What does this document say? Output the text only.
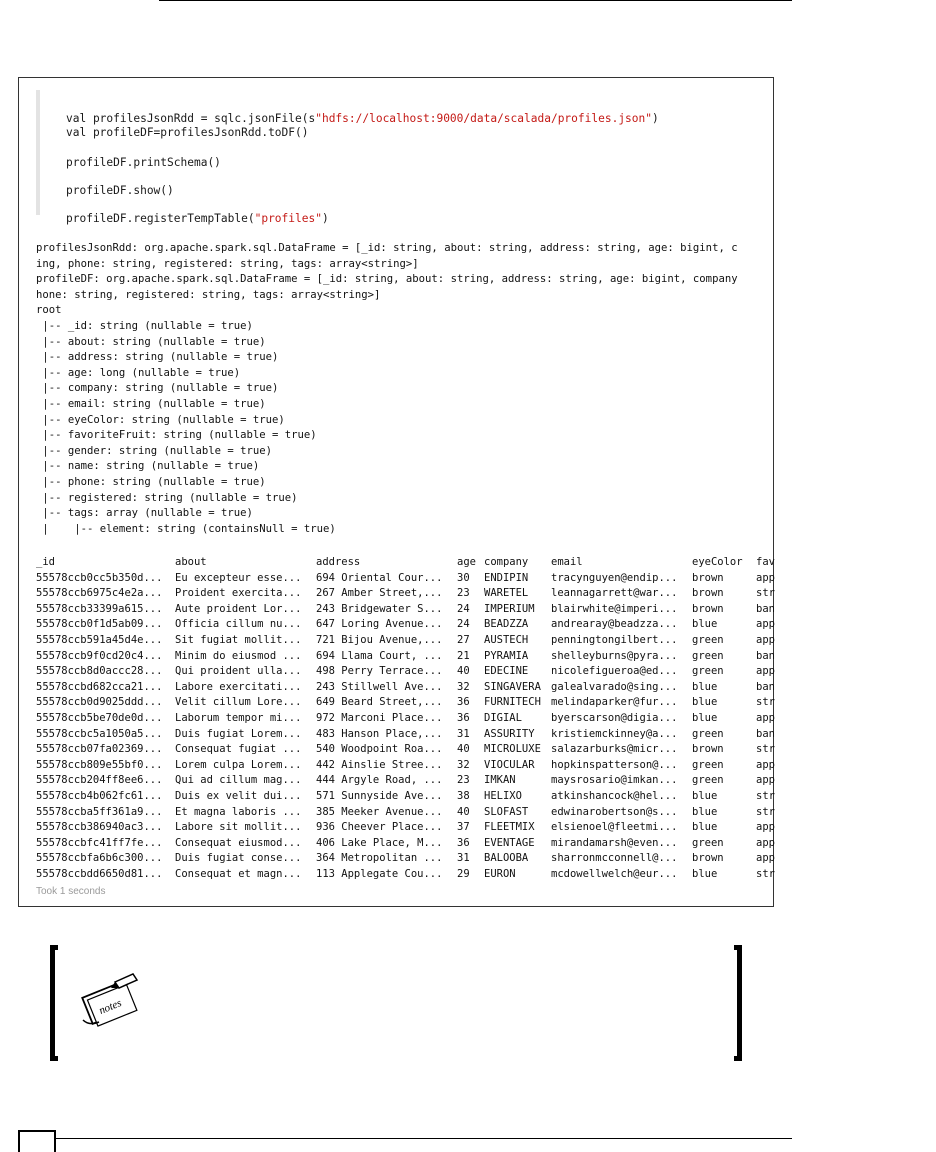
val profilesJsonRdd = sqlc.jsonFile(s"hdfs://localhost:9000/data/scalada/profiles.json")
val profileDF=profilesJsonRdd.toDF()
profileDF.printSchema()
profileDF.show()
profileDF.registerTempTable("profiles")
profilesJsonRdd: org.apache.spark.sql.DataFrame = [_id: string, about: string, address: string, age: bigint, c
ing, phone: string, registered: string, tags: array<string>]
profileDF: org.apache.spark.sql.DataFrame = [_id: string, about: string, address: string, age: bigint, company
hone: string, registered: string, tags: array<string>]
root
|-- _id: string (nullable = true)
|-- about: string (nullable = true)
|-- address: string (nullable = true)
|-- age: long (nullable = true)
|-- company: string (nullable = true)
|-- email: string (nullable = true)
|-- eyeColor: string (nullable = true)
|-- favoriteFruit: string (nullable = true)
|-- gender: string (nullable = true)
|-- name: string (nullable = true)
|-- phone: string (nullable = true)
|-- registered: string (nullable = true)
|-- tags: array (nullable = true)
|    |-- element: string (containsNull = true)
_id	about	address	age company email	eyeColor fav
55578ccb0cc5b350d... Eu excepteur esse... 694 Oriental Cour... 30 ENDIPIN tracynguyen@endip... brown	app
55578ccb6975c4e2a... Proident exercita... 267 Amber Street,... 23 WARETEL leannagarrett@war... brown	str
55578ccb33399a615... Aute proident Lor... 243 Bridgewater S... 24 IMPERIUM blairwhite@imperi... brown	ban
55578ccb0f1d5ab09... Officia cillum nu... 647 Loring Avenue... 24 BEADZZA andrearay@beadzza... blue	app
55578ccb591a45d4e... Sit fugiat mollit... 721 Bijou Avenue,... 27 AUSTECH penningtongilbert... green	app
55578ccb9f0cd20c4... Minim do eiusmod ... 694 Llama Court, ... 21 PYRAMIA shelleyburns@pyra... green	ban
55578ccb8d0accc28... Qui proident ulla... 498 Perry Terrace... 40 EDECINE nicolefigueroa@ed... green	app
55578ccbd682cca21... Labore exercitati... 243 Stillwell Ave... 32 SINGAVERA galealvarado@sing... blue	ban
55578ccb0d9025ddd... Velit cillum Lore... 649 Beard Street,... 36 FURNITECH melindaparker@fur... blue	str
55578ccb5be70de0d... Laborum tempor mi... 972 Marconi Place... 36 DIGIAL	byerscarson@digia... blue	app
55578ccbc5a1050a5... Duis fugiat Lorem... 483 Hanson Place,... 31 ASSURITY kristiemckinney@a... green	ban
55578ccb07fa02369... Consequat fugiat ... 540 Woodpoint Roa... 40 MICROLUXE salazarburks@micr... brown	str
55578ccb809e55bf0... Lorem culpa Lorem... 442 Ainslie Stree... 32 VIOCULAR hopkinspatterson@... green	app
55578ccb204ff8ee6... Qui ad cillum mag... 444 Argyle Road, ... 23 IMKAN	maysrosario@imkan... green	app
55578ccb4b062fc61... Duis ex velit dui... 571 Sunnyside Ave... 38 HELIXO	atkinshancock@hel... blue	str
55578ccba5ff361a9... Et magna laboris ... 385 Meeker Avenue... 40 SLOFAST edwinarobertson@s... blue	str
55578ccb386940ac3... Labore sit mollit... 936 Cheever Place... 37 FLEETMIX elsienoel@fleetmi... blue	app
55578ccbfc41ff7fe... Consequat eiusmod... 406 Lake Place, M... 36 EVENTAGE mirandamarsh@even... green	app
55578ccbfa6b6c300... Duis fugiat conse... 364 Metropolitan ... 31 BALOOBA sharronmcconnell@... brown	app
55578ccbdd6650d81... Consequat et magn... 113 Applegate Cou... 29 EURON	mcdowellwelch@eur... blue	str
Took 1 seconds
notes
